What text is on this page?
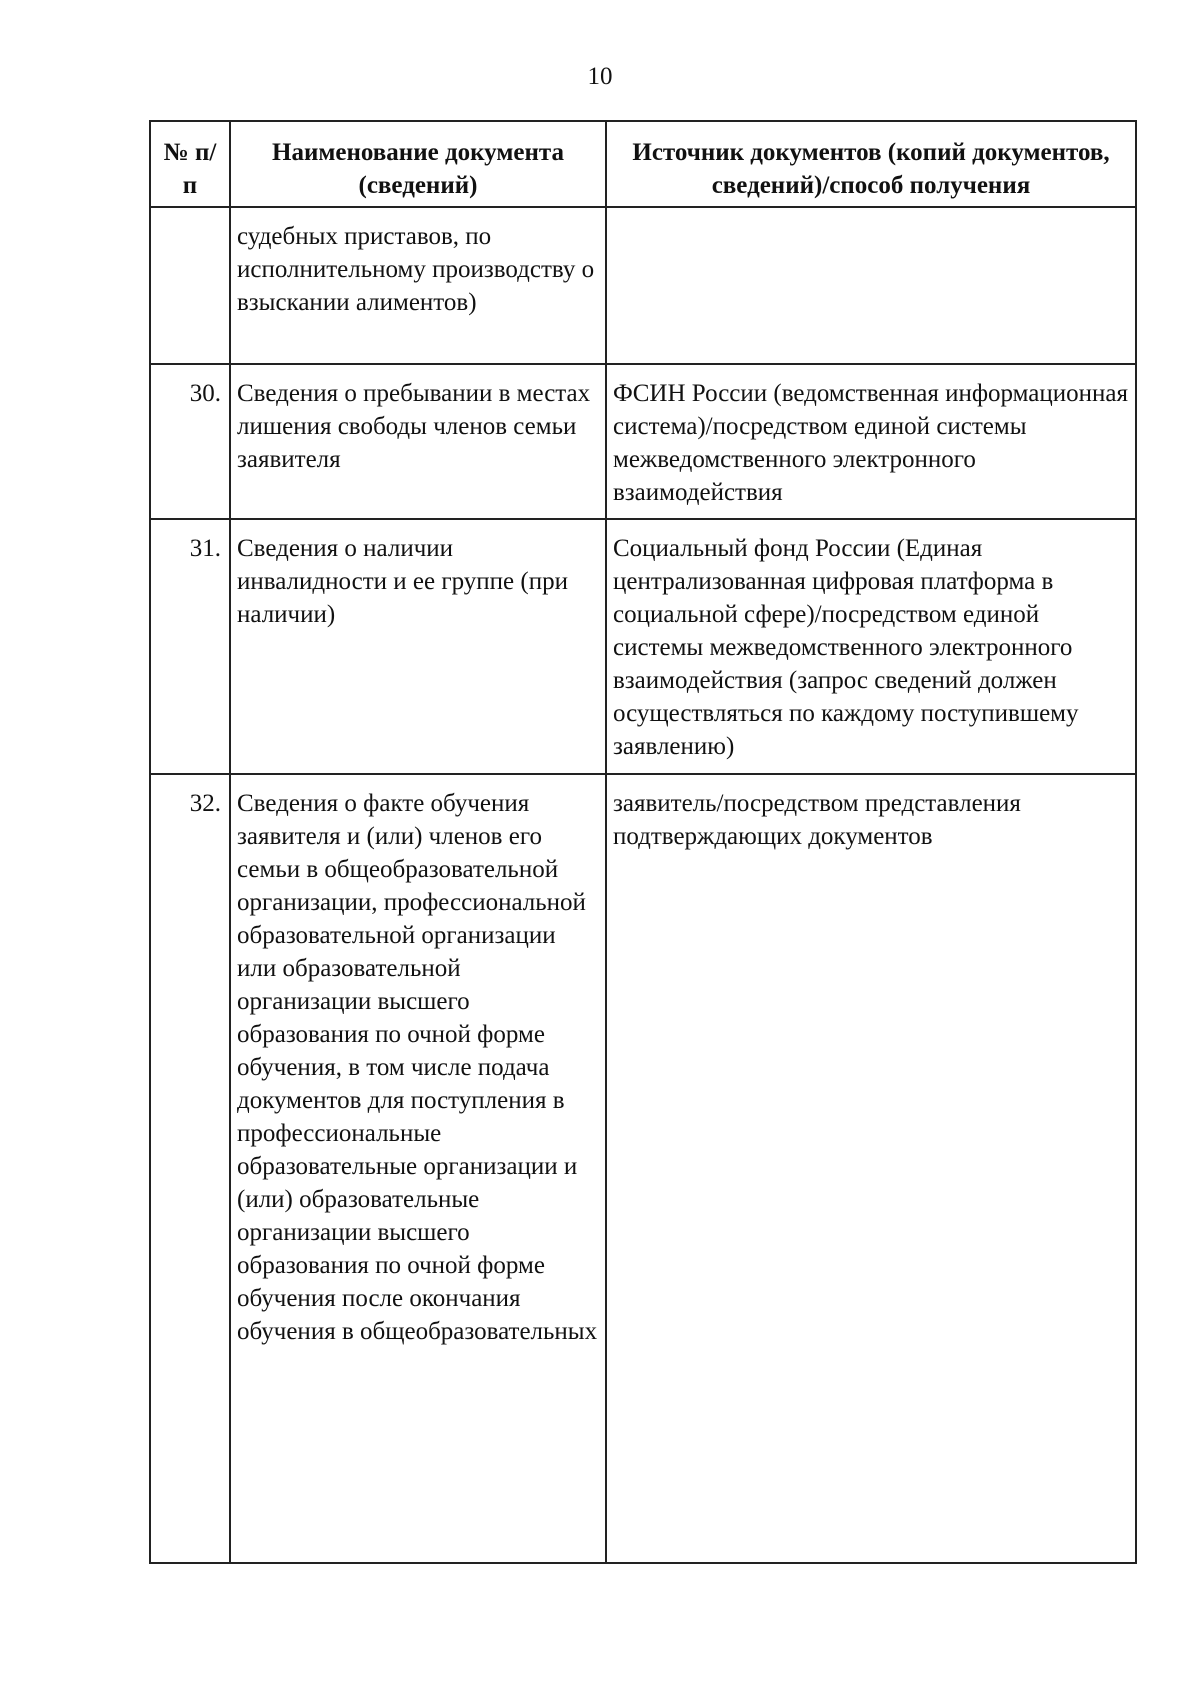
10
№ п/п	Наименование документа (сведений)	Источник документов (копий документов, сведений)/способ получения
	судебных приставов, по исполнительному производству о взыскании алиментов)	
30.	Сведения о пребывании в местах лишения свободы членов семьи заявителя	ФСИН России (ведомственная информационная система)/посредством единой системы межведомственного электронного взаимодействия
31.	Сведения о наличии инвалидности и ее группе (при наличии)	Социальный фонд России (Единая централизованная цифровая платформа в социальной сфере)/посредством единой системы межведомственного электронного взаимодействия (запрос сведений должен осуществляться по каждому поступившему заявлению)
32.	Сведения о факте обучения заявителя и (или) членов его семьи в общеобразовательной организации, профессиональной образовательной организации или образовательной организации высшего образования по очной форме обучения, в том числе подача документов для поступления в профессиональные образовательные организации и (или) образовательные организации высшего образования по очной форме обучения после окончания обучения в общеобразовательных	заявитель/посредством представления подтверждающих документов
